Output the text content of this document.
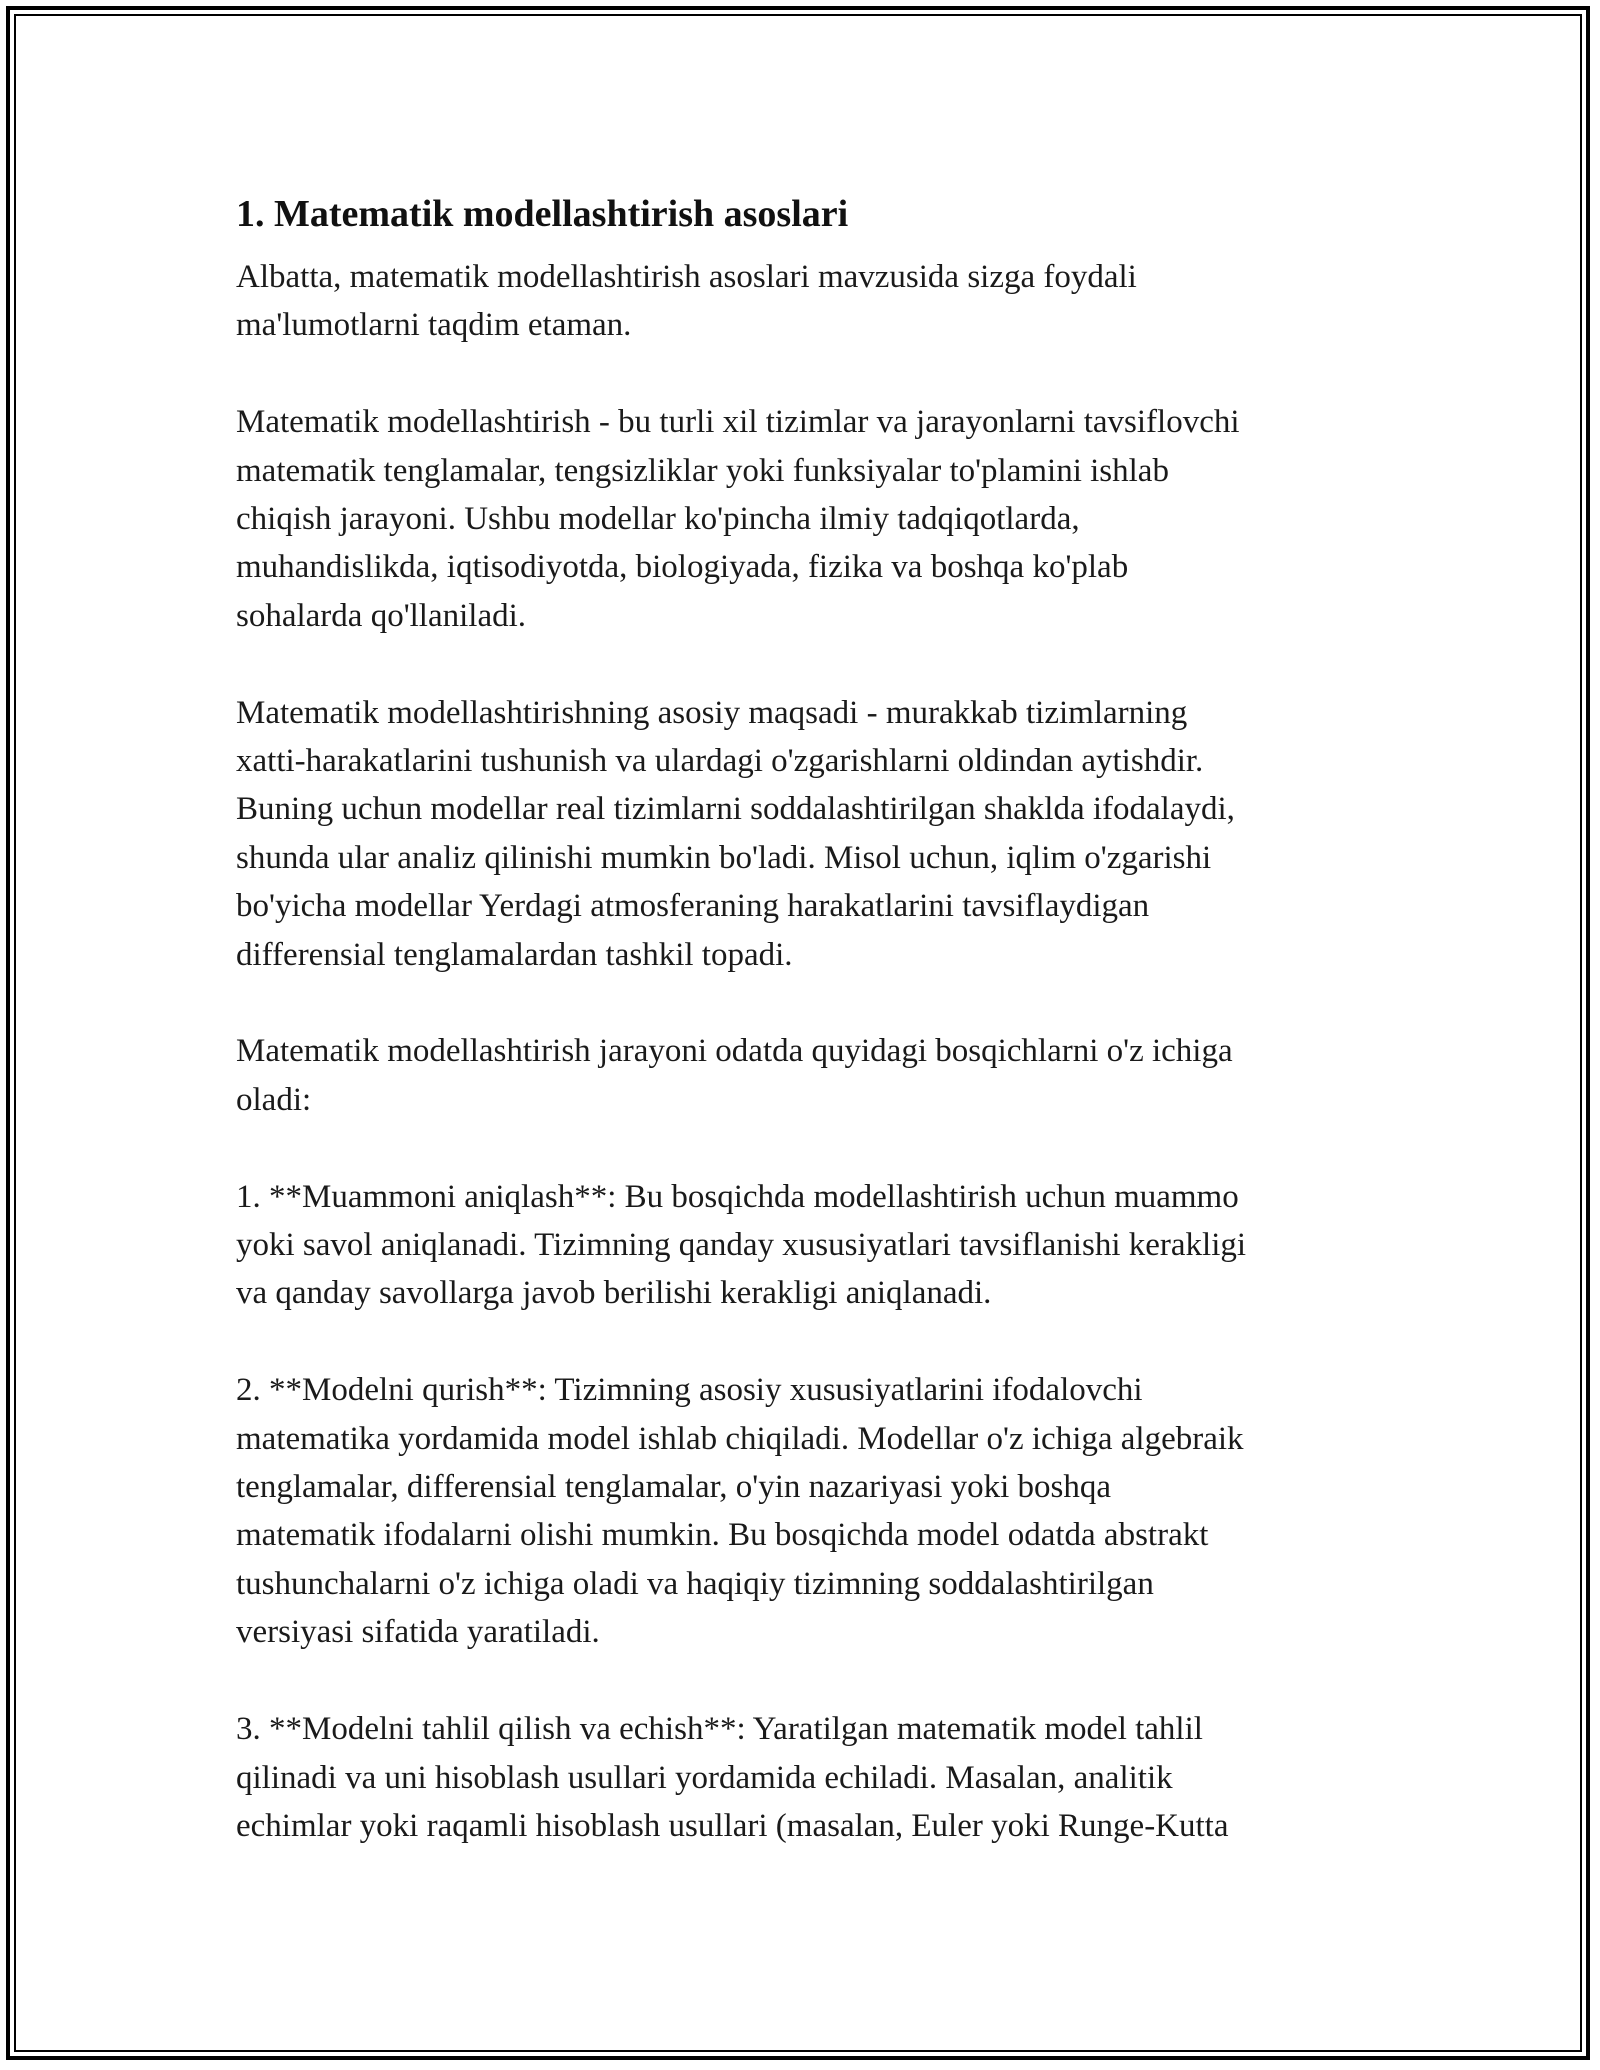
1. Matematik modellashtirish asoslari

Albatta, matematik modellashtirish asoslari mavzusida sizga foydali
ma'lumotlarni taqdim etaman.

Matematik modellashtirish - bu turli xil tizimlar va jarayonlarni tavsiflovchi
matematik tenglamalar, tengsizliklar yoki funksiyalar to'plamini ishlab
chiqish jarayoni. Ushbu modellar ko'pincha ilmiy tadqiqotlarda,
muhandislikda, iqtisodiyotda, biologiyada, fizika va boshqa ko'plab
sohalarda qo'llaniladi.

Matematik modellashtirishning asosiy maqsadi - murakkab tizimlarning
xatti-harakatlarini tushunish va ulardagi o'zgarishlarni oldindan aytishdir.
Buning uchun modellar real tizimlarni soddalashtirilgan shaklda ifodalaydi,
shunda ular analiz qilinishi mumkin bo'ladi. Misol uchun, iqlim o'zgarishi
bo'yicha modellar Yerdagi atmosferaning harakatlarini tavsiflaydigan
differensial tenglamalardan tashkil topadi.

Matematik modellashtirish jarayoni odatda quyidagi bosqichlarni o'z ichiga
oladi:

1. **Muammoni aniqlash**: Bu bosqichda modellashtirish uchun muammo
yoki savol aniqlanadi. Tizimning qanday xususiyatlari tavsiflanishi kerakligi
va qanday savollarga javob berilishi kerakligi aniqlanadi.

2. **Modelni qurish**: Tizimning asosiy xususiyatlarini ifodalovchi
matematika yordamida model ishlab chiqiladi. Modellar o'z ichiga algebraik
tenglamalar, differensial tenglamalar, o'yin nazariyasi yoki boshqa
matematik ifodalarni olishi mumkin. Bu bosqichda model odatda abstrakt
tushunchalarni o'z ichiga oladi va haqiqiy tizimning soddalashtirilgan
versiyasi sifatida yaratiladi.

3. **Modelni tahlil qilish va echish**: Yaratilgan matematik model tahlil
qilinadi va uni hisoblash usullari yordamida echiladi. Masalan, analitik
echimlar yoki raqamli hisoblash usullari (masalan, Euler yoki Runge-Kutta
